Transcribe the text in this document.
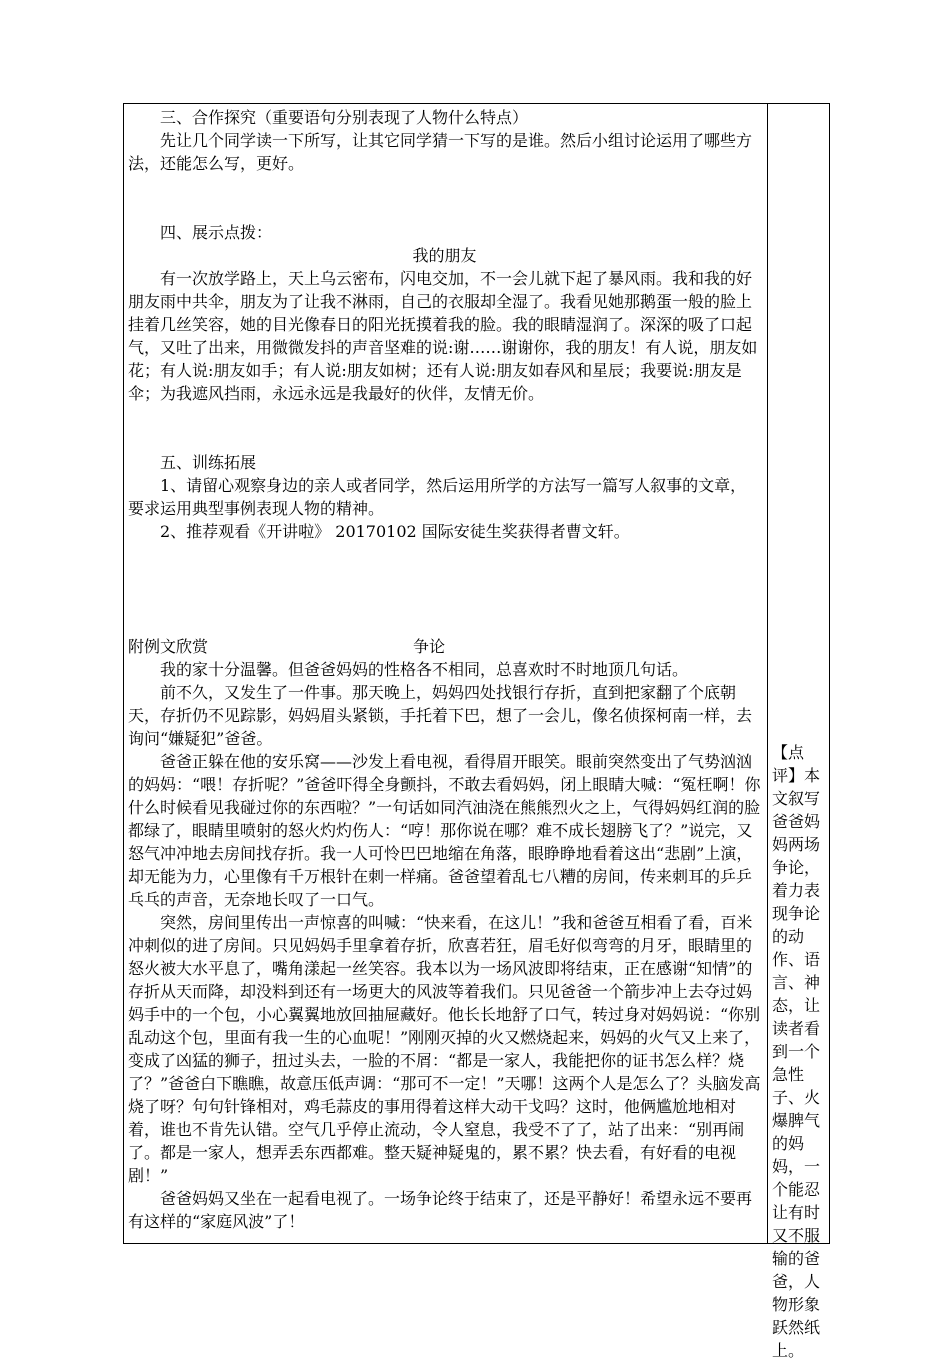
三、合作探究（重要语句分别表现了人物什么特点）

先让几个同学读一下所写，让其它同学猜一下写的是谁。然后小组讨论运用了哪些方法，还能怎么写，更好。

四、展示点拨：

我的朋友

有一次放学路上，天上乌云密布，闪电交加，不一会儿就下起了暴风雨。我和我的好朋友雨中共伞，朋友为了让我不淋雨，自己的衣服却全湿了。我看见她那鹅蛋一般的脸上挂着几丝笑容，她的目光像春日的阳光抚摸着我的脸。我的眼睛湿润了。深深的吸了口起气，又吐了出来，用微微发抖的声音坚难的说:谢……谢谢你，我的朋友！有人说，朋友如花；有人说:朋友如手；有人说:朋友如树；还有人说:朋友如春风和星辰；我要说:朋友是伞；为我遮风挡雨，永远永远是我最好的伙伴，友情无价。

五、训练拓展

1、请留心观察身边的亲人或者同学，然后运用所学的方法写一篇写人叙事的文章，要求运用典型事例表现人物的精神。

2、推荐观看《开讲啦》 20170102 国际安徒生奖获得者曹文轩。

附例文欣赏	争论

我的家十分温馨。但爸爸妈妈的性格各不相同，总喜欢时不时地顶几句话。

前不久，又发生了一件事。那天晚上，妈妈四处找银行存折，直到把家翻了个底朝天，存折仍不见踪影，妈妈眉头紧锁，手托着下巴，想了一会儿，像名侦探柯南一样，去询问“嫌疑犯”爸爸。

爸爸正躲在他的安乐窝——沙发上看电视，看得眉开眼笑。眼前突然变出了气势汹汹的妈妈：“喂！存折呢？”爸爸吓得全身颤抖，不敢去看妈妈，闭上眼睛大喊：“冤枉啊！你什么时候看见我碰过你的东西啦？”一句话如同汽油浇在熊熊烈火之上，气得妈妈红润的脸都绿了，眼睛里喷射的怒火灼灼伤人：“哼！那你说在哪？难不成长翅膀飞了？”说完，又怒气冲冲地去房间找存折。我一人可怜巴巴地缩在角落，眼睁睁地看着这出“悲剧”上演，却无能为力，心里像有千万根针在刺一样痛。爸爸望着乱七八糟的房间，传来刺耳的乒乒乓乓的声音，无奈地长叹了一口气。

突然，房间里传出一声惊喜的叫喊：“快来看，在这儿！”我和爸爸互相看了看，百米冲刺似的进了房间。只见妈妈手里拿着存折，欣喜若狂，眉毛好似弯弯的月牙，眼睛里的怒火被大水平息了，嘴角漾起一丝笑容。我本以为一场风波即将结束，正在感谢“知情”的存折从天而降，却没料到还有一场更大的风波等着我们。只见爸爸一个箭步冲上去夺过妈妈手中的一个包，小心翼翼地放回抽屉藏好。他长长地舒了口气，转过身对妈妈说：“你别乱动这个包，里面有我一生的心血呢！”刚刚灭掉的火又燃烧起来，妈妈的火气又上来了，变成了凶猛的狮子，扭过头去，一脸的不屑：“都是一家人，我能把你的证书怎么样？烧了？”爸爸白下瞧瞧，故意压低声调：“那可不一定！”天哪！这两个人是怎么了？头脑发高烧了呀？句句针锋相对，鸡毛蒜皮的事用得着这样大动干戈吗？这时，他俩尴尬地相对着，谁也不肯先认错。空气几乎停止流动，令人窒息，我受不了了，站了出来：“别再闹了。都是一家人，想弄丢东西都难。整天疑神疑鬼的，累不累？快去看，有好看的电视剧！”

爸爸妈妈又坐在一起看电视了。一场争论终于结束了，还是平静好！希望永远不要再有这样的“家庭风波”了！

【点评】本文叙写爸爸妈妈两场争论，着力表现争论的动作、语言、神态，让读者看到一个急性子、火爆脾气的妈妈，一个能忍让有时又不服输的爸爸，人物形象跃然纸上。
